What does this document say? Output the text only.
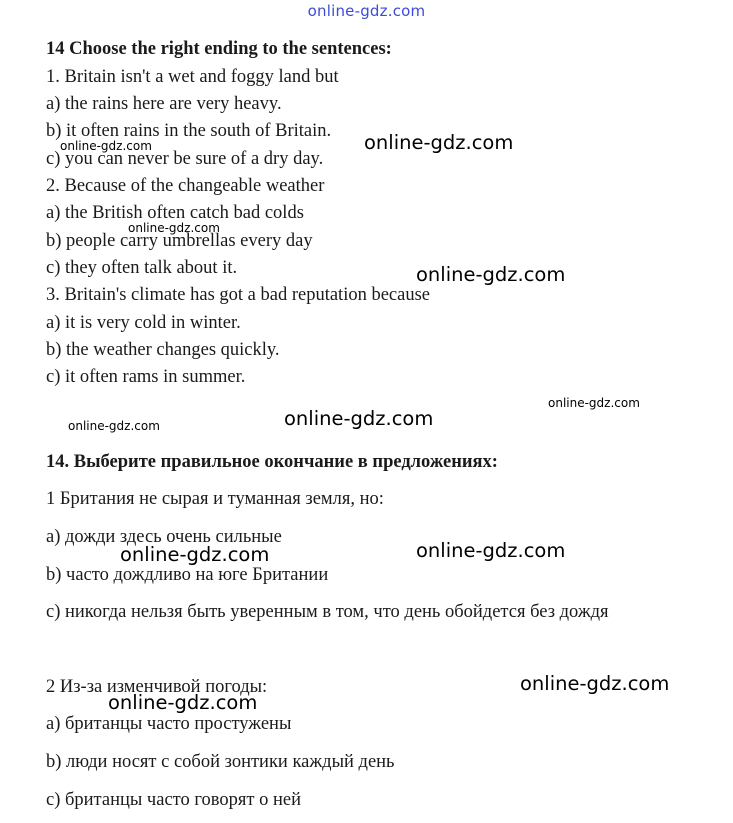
online-gdz.com
14 Choose the right ending to the sentences:
1. Britain isn't a wet and foggy land but
a) the rains here are very heavy.
b) it often rains in the south of Britain.
c) you can never be sure of a dry day.
2. Because of the changeable weather
a) the British often catch bad colds
b) people carry umbrellas every day
c) they often talk about it.
3. Britain's climate has got a bad reputation because
a) it is very cold in winter.
b) the weather changes quickly.
c) it often rams in summer.
14. Выберите правильное окончание в предложениях:
1 Британия не сырая и туманная земля, но:
a) дожди здесь очень сильные
b) часто дождливо на юге Британии
c) никогда нельзя быть уверенным в том, что день обойдется без дождя
2 Из-за изменчивой погоды:
a) британцы часто простужены
b) люди носят с собой зонтики каждый день
c) британцы часто говорят о ней
online-gdz.com
online-gdz.com
online-gdz.com
online-gdz.com
online-gdz.com
online-gdz.com
online-gdz.com
online-gdz.com
online-gdz.com
online-gdz.com
online-gdz.com
